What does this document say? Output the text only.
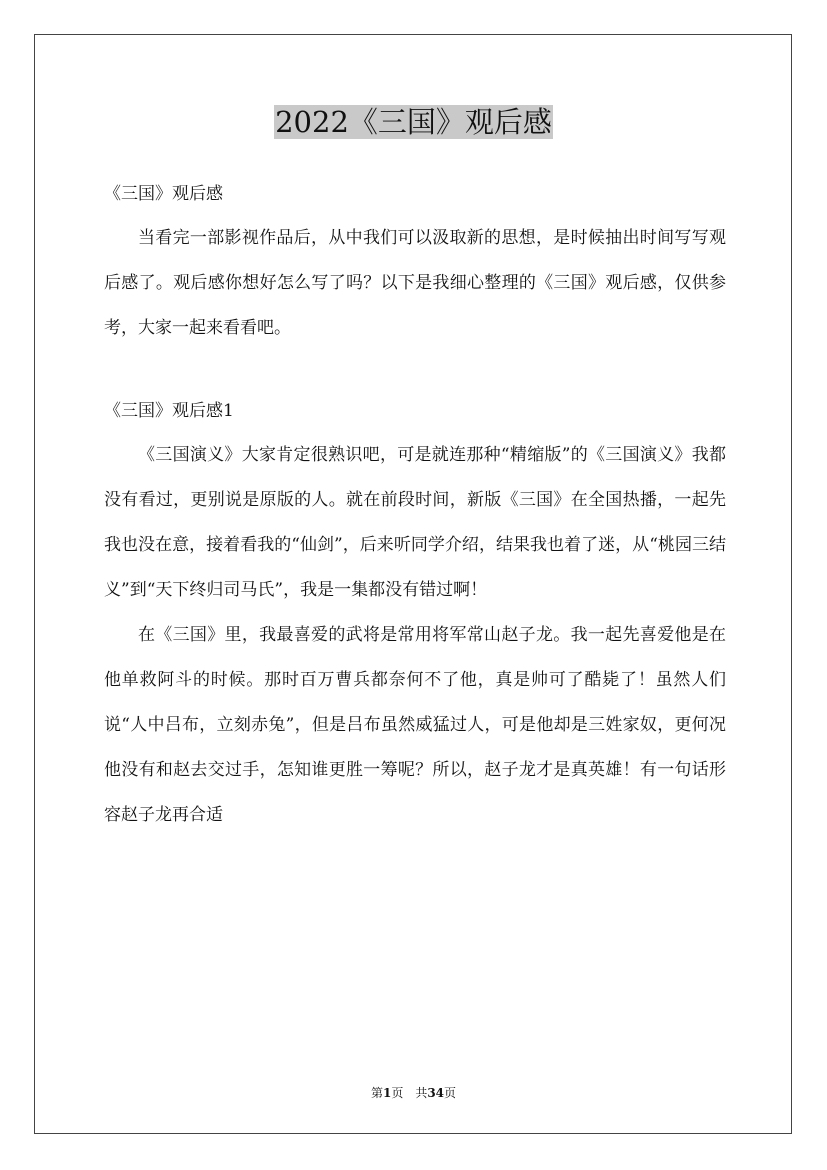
2022《三国》观后感

《三国》观后感

当看完一部影视作品后，从中我们可以汲取新的思想，是时候抽出时间写写观后感了。观后感你想好怎么写了吗？以下是我细心整理的《三国》观后感，仅供参考，大家一起来看看吧。

《三国》观后感1

《三国演义》大家肯定很熟识吧，可是就连那种“精缩版”的《三国演义》我都没有看过，更别说是原版的人。就在前段时间，新版《三国》在全国热播，一起先我也没在意，接着看我的“仙剑”，后来听同学介绍，结果我也着了迷，从“桃园三结义”到“天下终归司马氏”，我是一集都没有错过啊！

在《三国》里，我最喜爱的武将是常用将军常山赵子龙。我一起先喜爱他是在他单救阿斗的时候。那时百万曹兵都奈何不了他，真是帅可了酷毙了！虽然人们说“人中吕布，立刻赤兔”，但是吕布虽然威猛过人，可是他却是三姓家奴，更何况他没有和赵去交过手，怎知谁更胜一筹呢？所以，赵子龙才是真英雄！有一句话形容赵子龙再合适

第1页　共34页
